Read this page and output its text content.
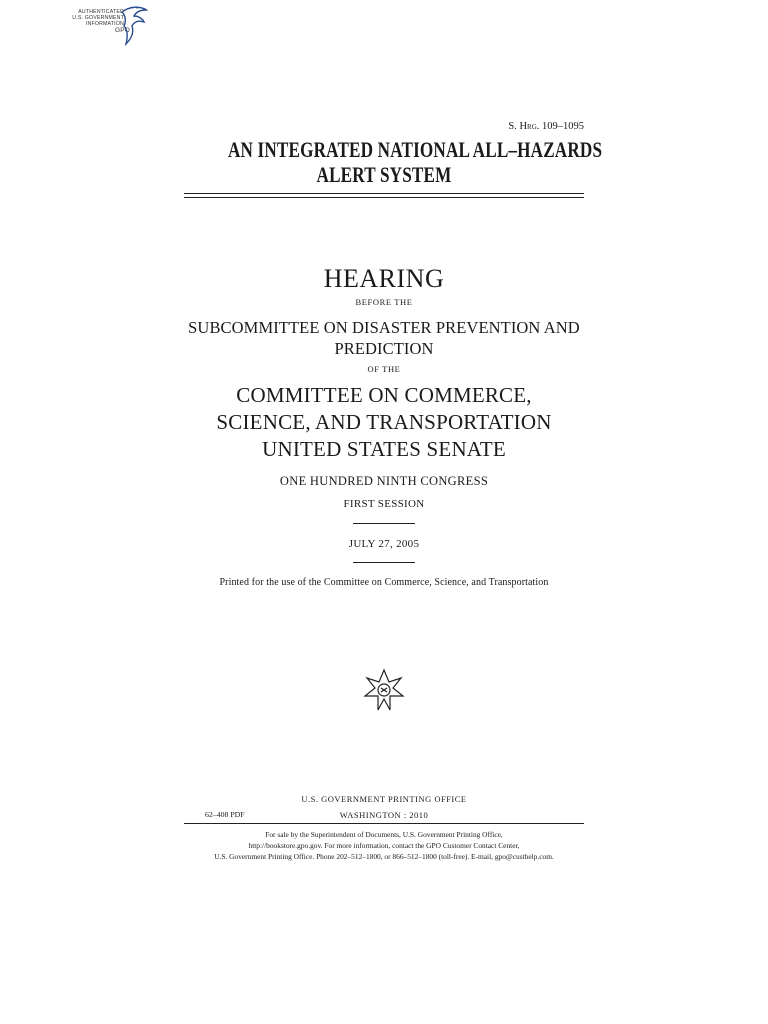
AUTHENTICATED
U.S. GOVERNMENT
INFORMATION
GPO
S. Hrg. 109–1095
AN INTEGRATED NATIONAL ALL–HAZARDS
ALERT SYSTEM
HEARING
BEFORE THE
SUBCOMMITTEE ON DISASTER PREVENTION AND
PREDICTION
OF THE
COMMITTEE ON COMMERCE,
SCIENCE, AND TRANSPORTATION
UNITED STATES SENATE
ONE HUNDRED NINTH CONGRESS
FIRST SESSION
JULY 27, 2005
Printed for the use of the Committee on Commerce, Science, and Transportation
U.S. GOVERNMENT PRINTING OFFICE
62–408 PDF	WASHINGTON : 2010
For sale by the Superintendent of Documents, U.S. Government Printing Office,
http://bookstore.gpo.gov. For more information, contact the GPO Customer Contact Center,
U.S. Government Printing Office. Phone 202–512–1800, or 866–512–1800 (toll-free). E-mail, gpo@custhelp.com.
